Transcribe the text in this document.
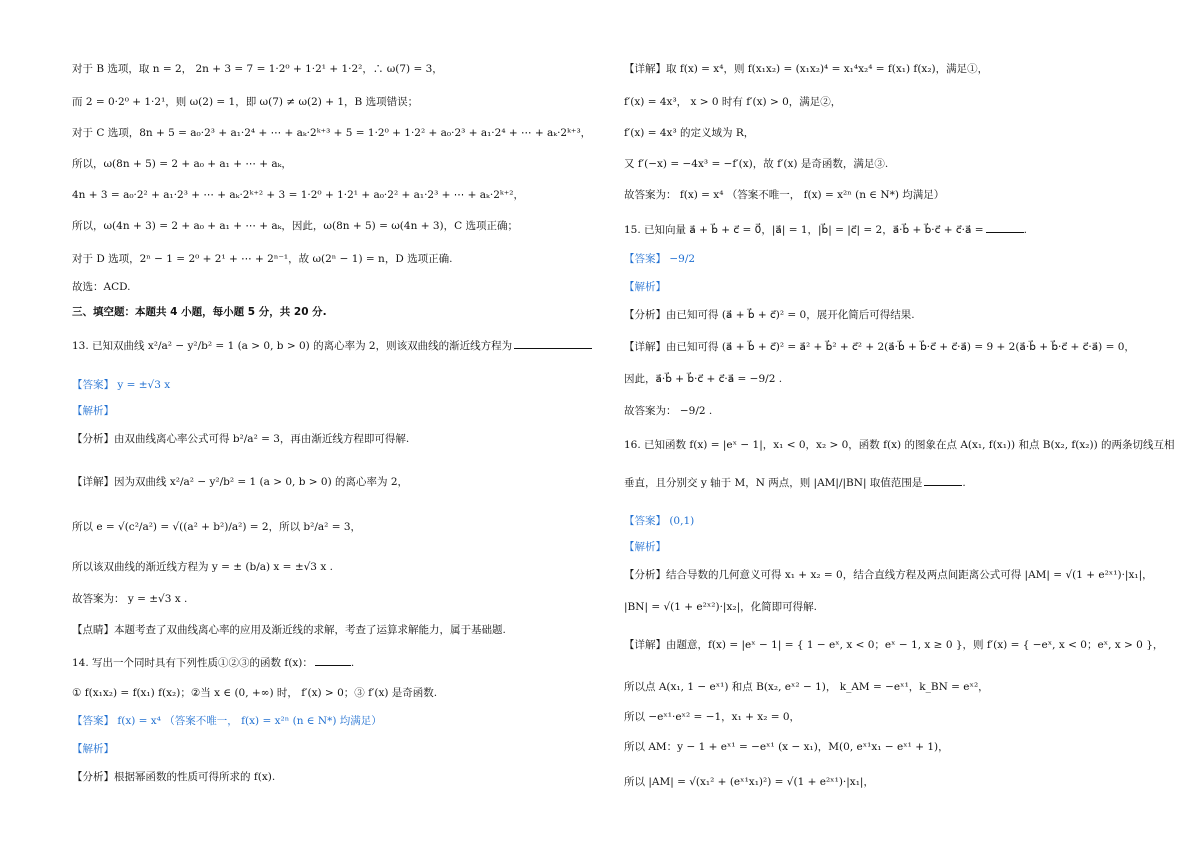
对于 B 选项，取 n = 2， 2n + 3 = 7 = 1·2⁰ + 1·2¹ + 1·2²，∴ ω(7) = 3，
而 2 = 0·2⁰ + 1·2¹，则 ω(2) = 1，即 ω(7) ≠ ω(2) + 1，B 选项错误；
对于 C 选项，8n + 5 = a₀·2³ + a₁·2⁴ + ⋯ + aₖ·2ᵏ⁺³ + 5 = 1·2⁰ + 1·2² + a₀·2³ + a₁·2⁴ + ⋯ + aₖ·2ᵏ⁺³，
所以，ω(8n + 5) = 2 + a₀ + a₁ + ⋯ + aₖ，
4n + 3 = a₀·2² + a₁·2³ + ⋯ + aₖ·2ᵏ⁺² + 3 = 1·2⁰ + 1·2¹ + a₀·2² + a₁·2³ + ⋯ + aₖ·2ᵏ⁺²，
所以，ω(4n + 3) = 2 + a₀ + a₁ + ⋯ + aₖ，因此，ω(8n + 5) = ω(4n + 3)，C 选项正确；
对于 D 选项，2ⁿ − 1 = 2⁰ + 2¹ + ⋯ + 2ⁿ⁻¹，故 ω(2ⁿ − 1) = n，D 选项正确.
故选：ACD.
三、填空题：本题共 4 小题，每小题 5 分，共 20 分.
13. 已知双曲线 x²/a² − y²/b² = 1 (a > 0, b > 0) 的离心率为 2，则该双曲线的渐近线方程为
【答案】 y = ±√3 x
【解析】
【分析】由双曲线离心率公式可得 b²/a² = 3，再由渐近线方程即可得解.
【详解】因为双曲线 x²/a² − y²/b² = 1 (a > 0, b > 0) 的离心率为 2，
所以 e = √(c²/a²) = √((a² + b²)/a²) = 2，所以 b²/a² = 3，
所以该双曲线的渐近线方程为 y = ± (b/a) x = ±√3 x .
故答案为： y = ±√3 x .
【点睛】本题考查了双曲线离心率的应用及渐近线的求解，考查了运算求解能力，属于基础题.
14. 写出一个同时具有下列性质①②③的函数 f(x)：	.
① f(x₁x₂) = f(x₁) f(x₂)；②当 x ∈ (0, +∞) 时， f′(x) > 0；③ f′(x) 是奇函数.
【答案】 f(x) = x⁴ （答案不唯一， f(x) = x²ⁿ (n ∈ N*) 均满足）
【解析】
【分析】根据幂函数的性质可得所求的 f(x).
【详解】取 f(x) = x⁴，则 f(x₁x₂) = (x₁x₂)⁴ = x₁⁴x₂⁴ = f(x₁) f(x₂)，满足①，
f′(x) = 4x³， x > 0 时有 f′(x) > 0，满足②，
f′(x) = 4x³ 的定义域为 R，
又 f′(−x) = −4x³ = −f′(x)，故 f′(x) 是奇函数，满足③.
故答案为： f(x) = x⁴ （答案不唯一， f(x) = x²ⁿ (n ∈ N*) 均满足）
15. 已知向量 a⃗ + b⃗ + c⃗ = 0⃗，|a⃗| = 1，|b⃗| = |c⃗| = 2，a⃗·b⃗ + b⃗·c⃗ + c⃗·a⃗ =	.
【答案】 −9/2
【解析】
【分析】由已知可得 (a⃗ + b⃗ + c⃗)² = 0，展开化简后可得结果.
【详解】由已知可得 (a⃗ + b⃗ + c⃗)² = a⃗² + b⃗² + c⃗² + 2(a⃗·b⃗ + b⃗·c⃗ + c⃗·a⃗) = 9 + 2(a⃗·b⃗ + b⃗·c⃗ + c⃗·a⃗) = 0，
因此，a⃗·b⃗ + b⃗·c⃗ + c⃗·a⃗ = −9/2 .
故答案为： −9/2 .
16. 已知函数 f(x) = |eˣ − 1|，x₁ < 0，x₂ > 0，函数 f(x) 的图象在点 A(x₁, f(x₁)) 和点 B(x₂, f(x₂)) 的两条切线互相
垂直，且分别交 y 轴于 M，N 两点，则 |AM|/|BN| 取值范围是	.
【答案】 (0,1)
【解析】
【分析】结合导数的几何意义可得 x₁ + x₂ = 0，结合直线方程及两点间距离公式可得 |AM| = √(1 + e²ˣ¹)·|x₁|，
|BN| = √(1 + e²ˣ²)·|x₂|，化简即可得解.
【详解】由题意，f(x) = |eˣ − 1| = { 1 − eˣ, x < 0；eˣ − 1, x ≥ 0 }，则 f′(x) = { −eˣ, x < 0；eˣ, x > 0 }，
所以点 A(x₁, 1 − eˣ¹) 和点 B(x₂, eˣ² − 1)， k_AM = −eˣ¹，k_BN = eˣ²，
所以 −eˣ¹·eˣ² = −1，x₁ + x₂ = 0，
所以 AM：y − 1 + eˣ¹ = −eˣ¹ (x − x₁)，M(0, eˣ¹x₁ − eˣ¹ + 1)，
所以 |AM| = √(x₁² + (eˣ¹x₁)²) = √(1 + e²ˣ¹)·|x₁|，
